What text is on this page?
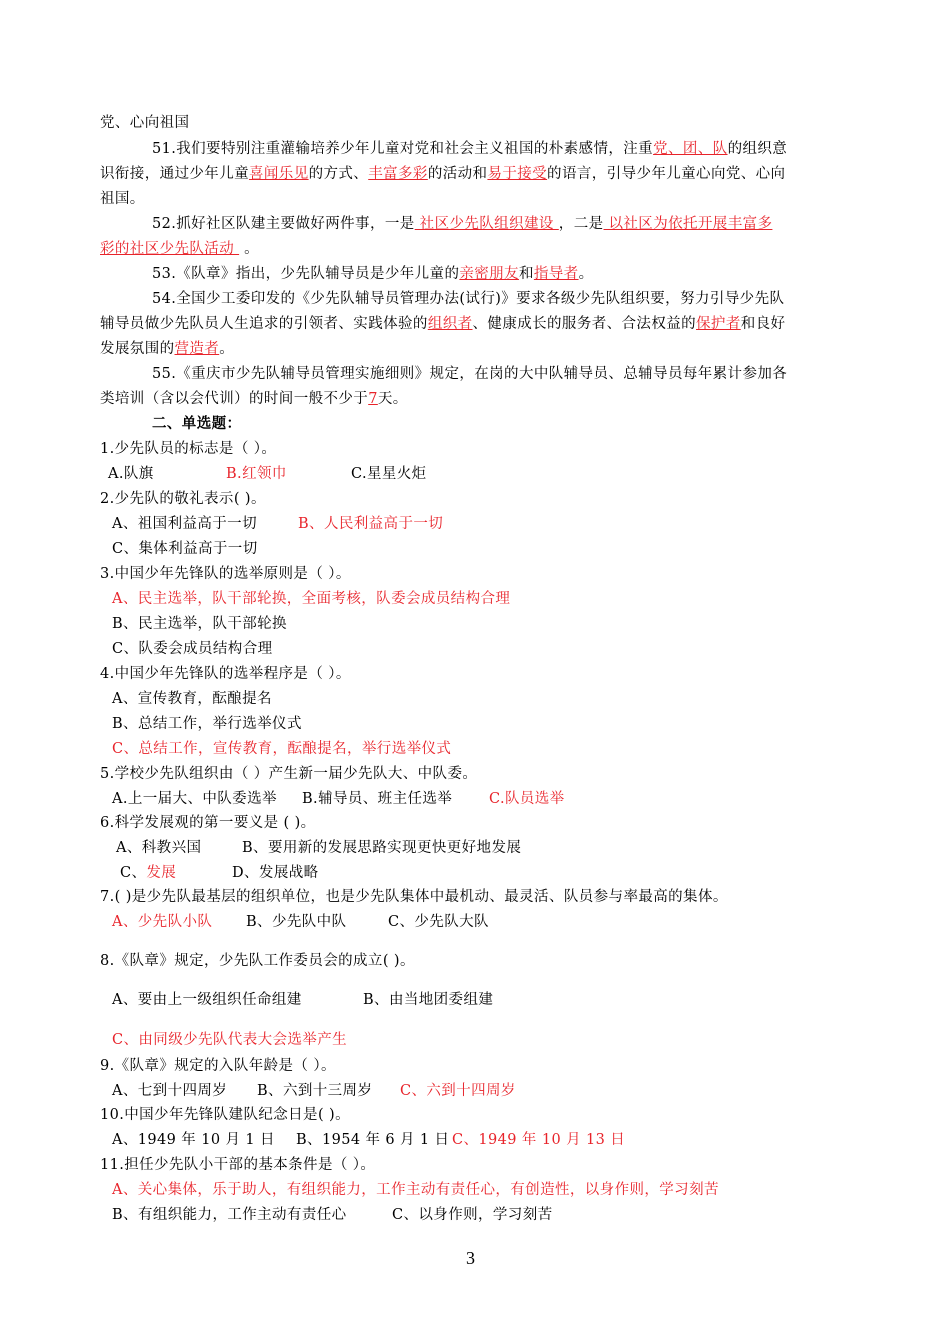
党、心向祖国
51.我们要特别注重灌输培养少年儿童对党和社会主义祖国的朴素感情，注重党、团、队的组织意
识衔接，通过少年儿童喜闻乐见的方式、丰富多彩的活动和易于接受的语言，引导少年儿童心向党、心向
祖国。
52.抓好社区队建主要做好两件事，一是 社区少先队组织建设 ，二是 以社区为依托开展丰富多
彩的社区少先队活动  。
53.《队章》指出，少先队辅导员是少年儿童的亲密朋友和指导者。
54.全国少工委印发的《少先队辅导员管理办法(试行)》要求各级少先队组织要，努力引导少先队
辅导员做少先队员人生追求的引领者、实践体验的组织者、健康成长的服务者、合法权益的保护者和良好
发展氛围的营造者。
55.《重庆市少先队辅导员管理实施细则》规定，在岗的大中队辅导员、总辅导员每年累计参加各
类培训（含以会代训）的时间一般不少于7天。
二、单选题：
1.少先队员的标志是（ ）。
A.队旗	B.红领巾	C.星星火炬
2.少先队的敬礼表示( )。
A、祖国利益高于一切	B、人民利益高于一切
C、集体利益高于一切
3.中国少年先锋队的选举原则是（ ）。
A、民主选举，队干部轮换，全面考核，队委会成员结构合理
B、民主选举，队干部轮换
C、队委会成员结构合理
4.中国少年先锋队的选举程序是（ ）。
A、宣传教育，酝酿提名
B、总结工作，举行选举仪式
C、总结工作，宣传教育，酝酿提名，举行选举仪式
5.学校少先队组织由（ ）产生新一届少先队大、中队委。
A.上一届大、中队委选举 B.辅导员、班主任选举	C.队员选举
6.科学发展观的第一要义是 ( )。
A、科教兴国	B、要用新的发展思路实现更快更好地发展
C、发展	D、发展战略
7.( )是少先队最基层的组织单位，也是少先队集体中最机动、最灵活、队员参与率最高的集体。
A、少先队小队 B、少先队中队	C、少先队大队
8.《队章》规定，少先队工作委员会的成立( )。
A、要由上一级组织任命组建	B、由当地团委组建
C、由同级少先队代表大会选举产生
9.《队章》规定的入队年龄是（ ）。
A、七到十四周岁 B、六到十三周岁 C、六到十四周岁
10.中国少年先锋队建队纪念日是( )。
A、1949 年 10 月 1 日 B、1954 年 6 月 1 日 C、1949 年 10 月 13 日
11.担任少先队小干部的基本条件是（ ）。
A、关心集体，乐于助人，有组织能力，工作主动有责任心，有创造性，以身作则，学习刻苦
B、有组织能力，工作主动有责任心	C、以身作则，学习刻苦
3
